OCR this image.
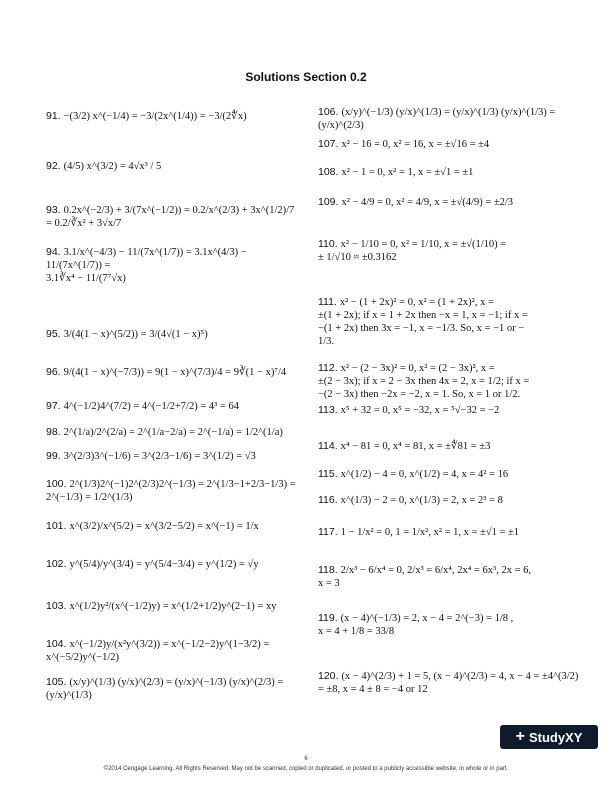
Solutions Section 0.2
91. −(3/2) x^(−1/4) = −3/(2x^(1/4)) = −3/(2∜x)

92. (4/5) x^(3/2) = 4√x³ / 5

93. 0.2x^(−2/3) + 3/(7x^(−1/2)) = 0.2/x^(2/3) + 3x^(1/2)/7 = 0.2/∛x² + 3√x/7

94. 3.1/x^(−4/3) − 11/(7x^(1/7)) = 3.1x^(4/3) − 11/(7x^(1/7)) =

3.1∛x⁴ − 11/(7⁷√x)
95. 3/(4(1 − x)^(5/2)) = 3/(4√(1 − x)⁵)

96. 9/(4(1 − x)^(−7/3)) = 9(1 − x)^(7/3)/4 = 9∛(1 − x)⁷/4

97. 4^(−1/2)4^(7/2) = 4^(−1/2+7/2) = 4³ = 64

98. 2^(1/a)/2^(2/a) = 2^(1/a−2/a) = 2^(−1/a) = 1/2^(1/a)

99. 3^(2/3)3^(−1/6) = 3^(2/3−1/6) = 3^(1/2) = √3

100. 2^(1/3)2^(−1)2^(2/3)2^(−1/3) = 2^(1/3−1+2/3−1/3) = 2^(−1/3) = 1/2^(1/3)

101. x^(3/2)/x^(5/2) = x^(3/2−5/2) = x^(−1) = 1/x

102. y^(5/4)/y^(3/4) = y^(5/4−3/4) = y^(1/2) = √y

103. x^(1/2)y²/(x^(−1/2)y) = x^(1/2+1/2)y^(2−1) = xy

104. x^(−1/2)y/(x²y^(3/2)) = x^(−1/2−2)y^(1−3/2) = x^(−5/2)y^(−1/2)

105. (x/y)^(1/3) (y/x)^(2/3) = (y/x)^(−1/3) (y/x)^(2/3) = (y/x)^(1/3)

106. (x/y)^(−1/3) (y/x)^(1/3) = (y/x)^(1/3) (y/x)^(1/3) = (y/x)^(2/3)

107. x² − 16 = 0, x² = 16, x = ±√16 = ±4

108. x² − 1 = 0, x² = 1, x = ±√1 = ±1

109. x² − 4/9 = 0, x² = 4/9, x = ±√(4/9) = ±2/3

110. x² − 1/10 = 0, x² = 1/10, x = ±√(1/10) =

± 1/√10 ≈ ±0.3162
111. x² − (1 + 2x)² = 0, x² = (1 + 2x)², x =

±(1 + 2x); if x = 1 + 2x then −x = 1, x = −1; if x =
−(1 + 2x) then 3x = −1, x = −1/3. So, x = −1 or −
1/3.
112. x² − (2 − 3x)² = 0, x² = (2 − 3x)², x =

±(2 − 3x); if x = 2 − 3x then 4x = 2, x = 1/2; if x =
−(2 − 3x) then −2x = −2, x = 1. So, x = 1 or 1/2.
113. x⁵ + 32 = 0, x⁵ = −32, x = ⁵√−32 = −2

114. x⁴ − 81 = 0, x⁴ = 81, x = ±∜81 = ±3

115. x^(1/2) − 4 = 0, x^(1/2) = 4, x = 4² = 16

116. x^(1/3) − 2 = 0, x^(1/3) = 2, x = 2³ = 8

117. 1 − 1/x² = 0, 1 = 1/x², x² = 1, x = ±√1 = ±1

118. 2/x³ − 6/x⁴ = 0, 2/x³ = 6/x⁴, 2x⁴ = 6x³, 2x = 6,

x = 3
119. (x − 4)^(−1/3) = 2, x − 4 = 2^(−3) = 1/8 ,

x = 4 + 1/8 = 33/8
120. (x − 4)^(2/3) + 1 = 5, (x − 4)^(2/3) = 4, x − 4 = ±4^(3/2)

= ±8, x = 4 ± 8 = −4 or 12
+ StudyXY
6
©2014 Cengage Learning. All Rights Reserved. May not be scanned, copied or duplicated, or posted to a publicly accessible website, in whole or in part.
